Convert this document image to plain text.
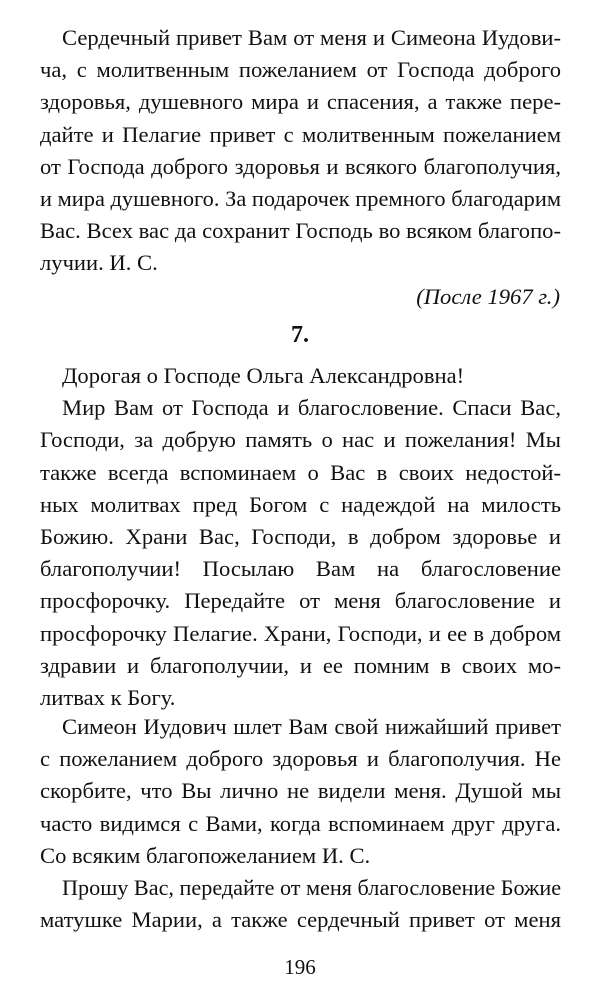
Сердечный привет Вам от меня и Симеона Иудови-
ча, с молитвенным пожеланием от Господа доброго
здоровья, душевного мира и спасения, а также пере-
дайте и Пелагие привет с молитвенным пожеланием
от Господа доброго здоровья и всякого благополучия,
и мира душевного. За подарочек премного благодарим
Вас. Всех вас да сохранит Господь во всяком благопо-
лучии. И. С.
(После 1967 г.)
7.
Дорогая о Господе Ольга Александровна!
Мир Вам от Господа и благословение. Спаси Вас,
Господи, за добрую память о нас и пожелания! Мы
также всегда вспоминаем о Вас в своих недостой-
ных молитвах пред Богом с надеждой на милость
Божию. Храни Вас, Господи, в добром здоровье и
благополучии! Посылаю Вам на благословение
просфорочку. Передайте от меня благословение и
просфорочку Пелагие. Храни, Господи, и ее в добром
здравии и благополучии, и ее помним в своих мо-
литвах к Богу.
Симеон Иудович шлет Вам свой нижайший привет
с пожеланием доброго здоровья и благополучия. Не
скорбите, что Вы лично не видели меня. Душой мы
часто видимся с Вами, когда вспоминаем друг друга.
Со всяким благопожеланием И. С.
Прошу Вас, передайте от меня благословение Божие
матушке Марии, а также сердечный привет от меня
196
